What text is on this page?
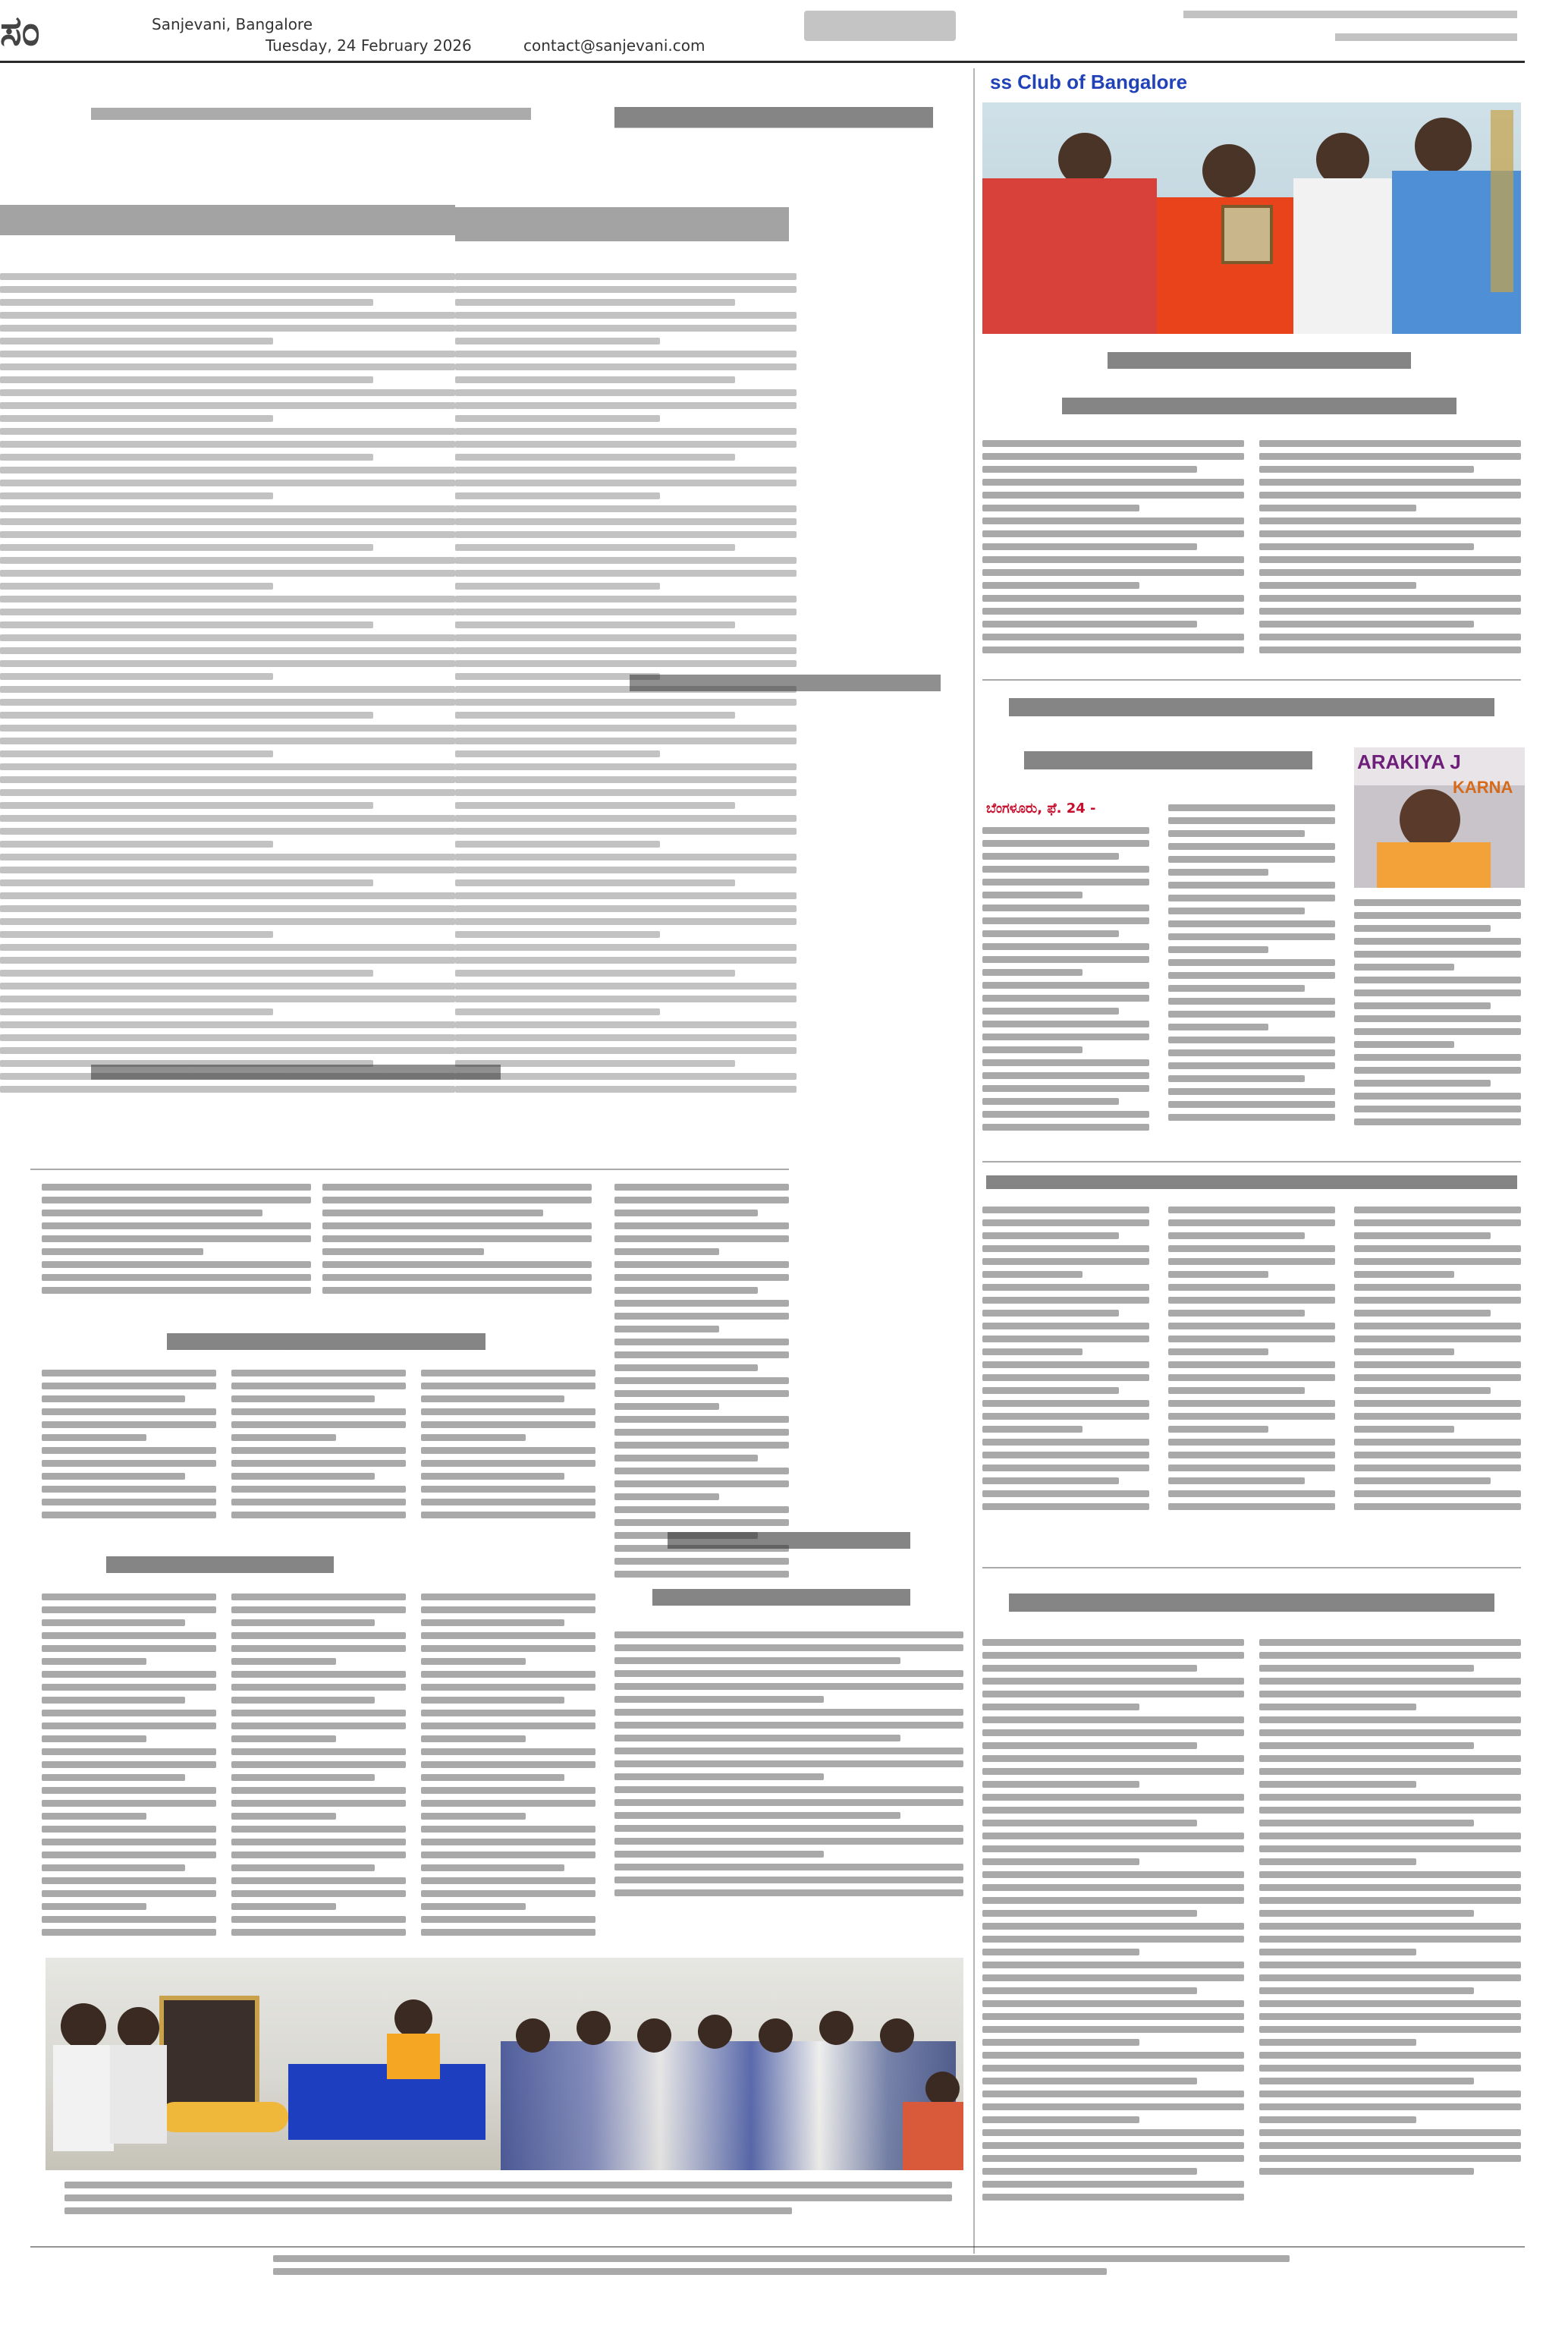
ಸಂ	Sanjevani, Bangalore
Tuesday, 24 February 2026	contact@sanjevani.com
ss Club of Bangalore
ARAKIYA J
KARNA
ಬೆಂಗಳೂರು, ಫೆ. 24 -
